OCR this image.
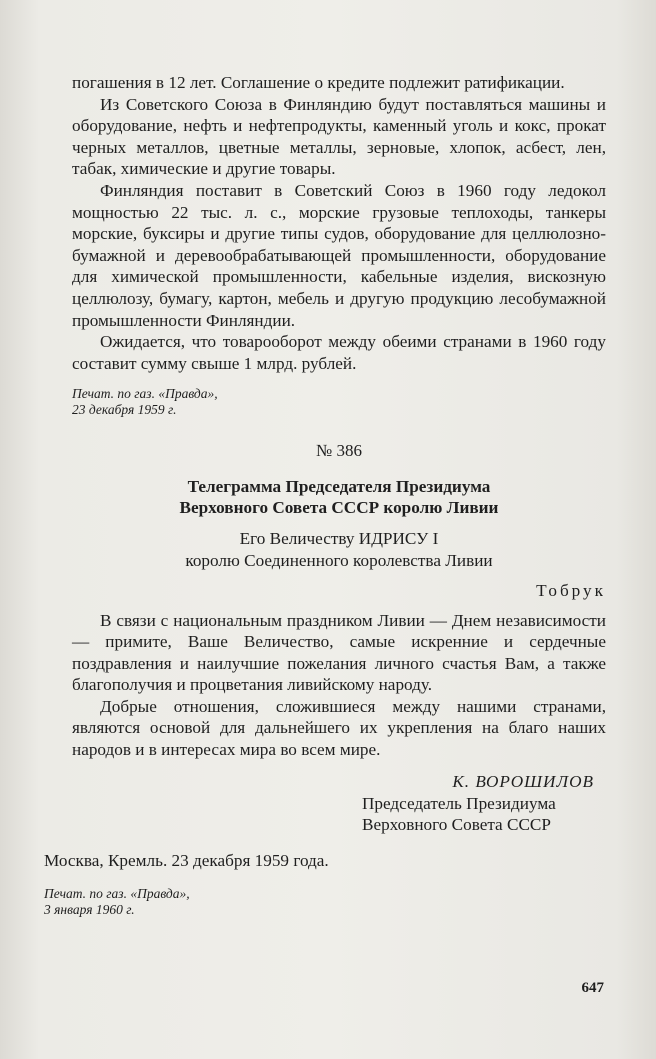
погашения в 12 лет. Соглашение о кредите подлежит ратификации.

Из Советского Союза в Финляндию будут поставляться машины и оборудование, нефть и нефтепродукты, каменный уголь и кокс, прокат черных металлов, цветные металлы, зерновые, хлопок, асбест, лен, табак, химические и другие товары.

Финляндия поставит в Советский Союз в 1960 году ледокол мощностью 22 тыс. л. с., морские грузовые теплоходы, танкеры морские, буксиры и другие типы судов, оборудование для целлюлозно-бумажной и деревообрабатывающей промышленности, оборудование для химической промышленности, кабельные изделия, вискозную целлюлозу, бумагу, картон, мебель и другую продукцию лесобумажной промышленности Финляндии.

Ожидается, что товарооборот между обеими странами в 1960 году составит сумму свыше 1 млрд. рублей.

Печат. по газ. «Правда»,
23 декабря 1959 г.
№ 386
Телеграмма Председателя Президиума
Верховного Совета СССР королю Ливии
Его Величеству ИДРИСУ I
королю Соединенного королевства Ливии
Тобрук

В связи с национальным праздником Ливии — Днем независимости — примите, Ваше Величество, самые искренние и сердечные поздравления и наилучшие пожелания личного счастья Вам, а также благополучия и процветания ливийскому народу.

Добрые отношения, сложившиеся между нашими странами, являются основой для дальнейшего их укрепления на благо наших народов и в интересах мира во всем мире.

К. ВОРОШИЛОВ
Председатель Президиума
Верховного Совета СССР
Москва, Кремль. 23 декабря 1959 года.
Печат. по газ. «Правда»,
3 января 1960 г.
647
